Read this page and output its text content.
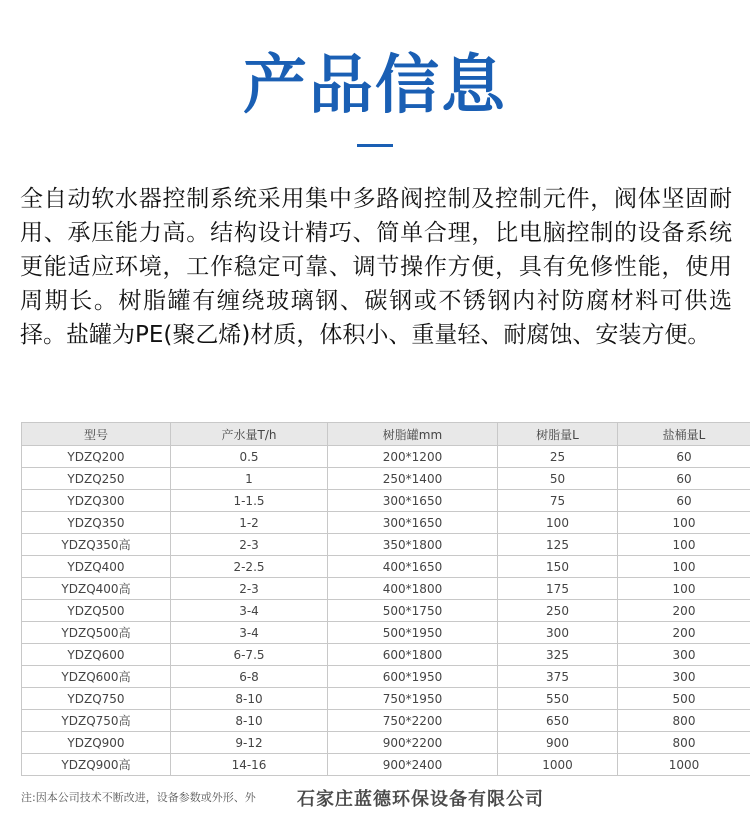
产品信息

全自动软水器控制系统采用集中多路阀控制及控制元件，阀体坚固耐用、承压能力高。结构设计精巧、简单合理，比电脑控制的设备系统更能适应环境，工作稳定可靠、调节操作方便，具有免修性能，使用周期长。树脂罐有缠绕玻璃钢、碳钢或不锈钢内衬防腐材料可供选择。盐罐为PE(聚乙烯)材质，体积小、重量轻、耐腐蚀、安装方便。

型号	产水量T/h	树脂罐mm	树脂量L	盐桶量L
YDZQ200	0.5	200*1200	25	60
YDZQ250	1	250*1400	50	60
YDZQ300	1-1.5	300*1650	75	60
YDZQ350	1-2	300*1650	100	100
YDZQ350高	2-3	350*1800	125	100
YDZQ400	2-2.5	400*1650	150	100
YDZQ400高	2-3	400*1800	175	100
YDZQ500	3-4	500*1750	250	200
YDZQ500高	3-4	500*1950	300	200
YDZQ600	6-7.5	600*1800	325	300
YDZQ600高	6-8	600*1950	375	300
YDZQ750	8-10	750*1950	550	500
YDZQ750高	8-10	750*2200	650	800
YDZQ900	9-12	900*2200	900	800
YDZQ900高	14-16	900*2400	1000	1000
注:因本公司技术不断改进，设备参数或外形、外	石家庄蓝德环保设备有限公司
